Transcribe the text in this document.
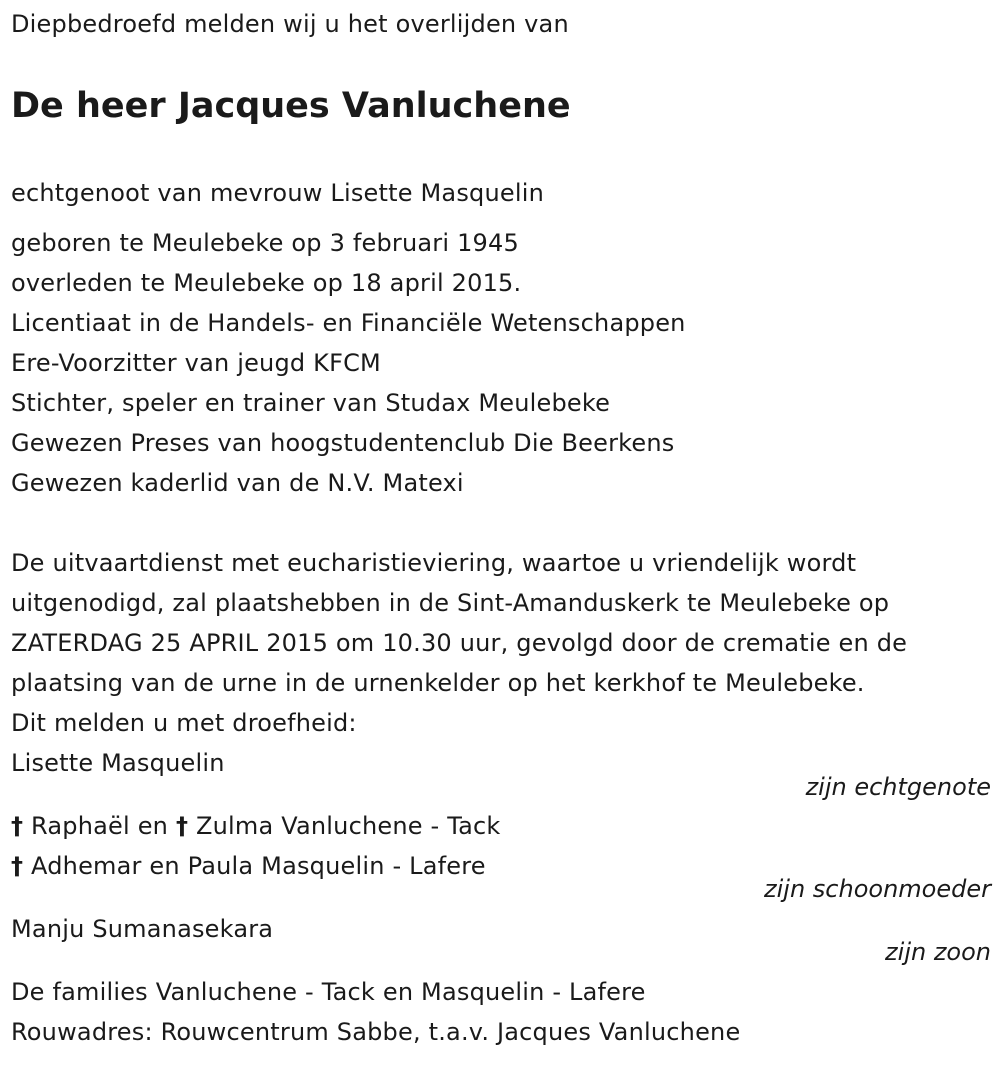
Diepbedroefd melden wij u het overlijden van
De heer Jacques Vanluchene
echtgenoot van mevrouw Lisette Masquelin
geboren te Meulebeke op 3 februari 1945
overleden te Meulebeke op 18 april 2015.
Licentiaat in de Handels- en Financiële Wetenschappen
Ere-Voorzitter van jeugd KFCM
Stichter, speler en trainer van Studax Meulebeke
Gewezen Preses van hoogstudentenclub Die Beerkens
Gewezen kaderlid van de N.V. Matexi
De uitvaartdienst met eucharistieviering, waartoe u vriendelijk wordt
uitgenodigd, zal plaatshebben in de Sint-Amanduskerk te Meulebeke op
ZATERDAG 25 APRIL 2015 om 10.30 uur, gevolgd door de crematie en de
plaatsing van de urne in de urnenkelder op het kerkhof te Meulebeke.
Dit melden u met droefheid:
Lisette Masquelin
zijn echtgenote
† Raphaël en † Zulma Vanluchene - Tack
† Adhemar en Paula Masquelin - Lafere
zijn schoonmoeder
Manju Sumanasekara
zijn zoon
De families Vanluchene - Tack en Masquelin - Lafere
Rouwadres: Rouwcentrum Sabbe, t.a.v. Jacques Vanluchene
